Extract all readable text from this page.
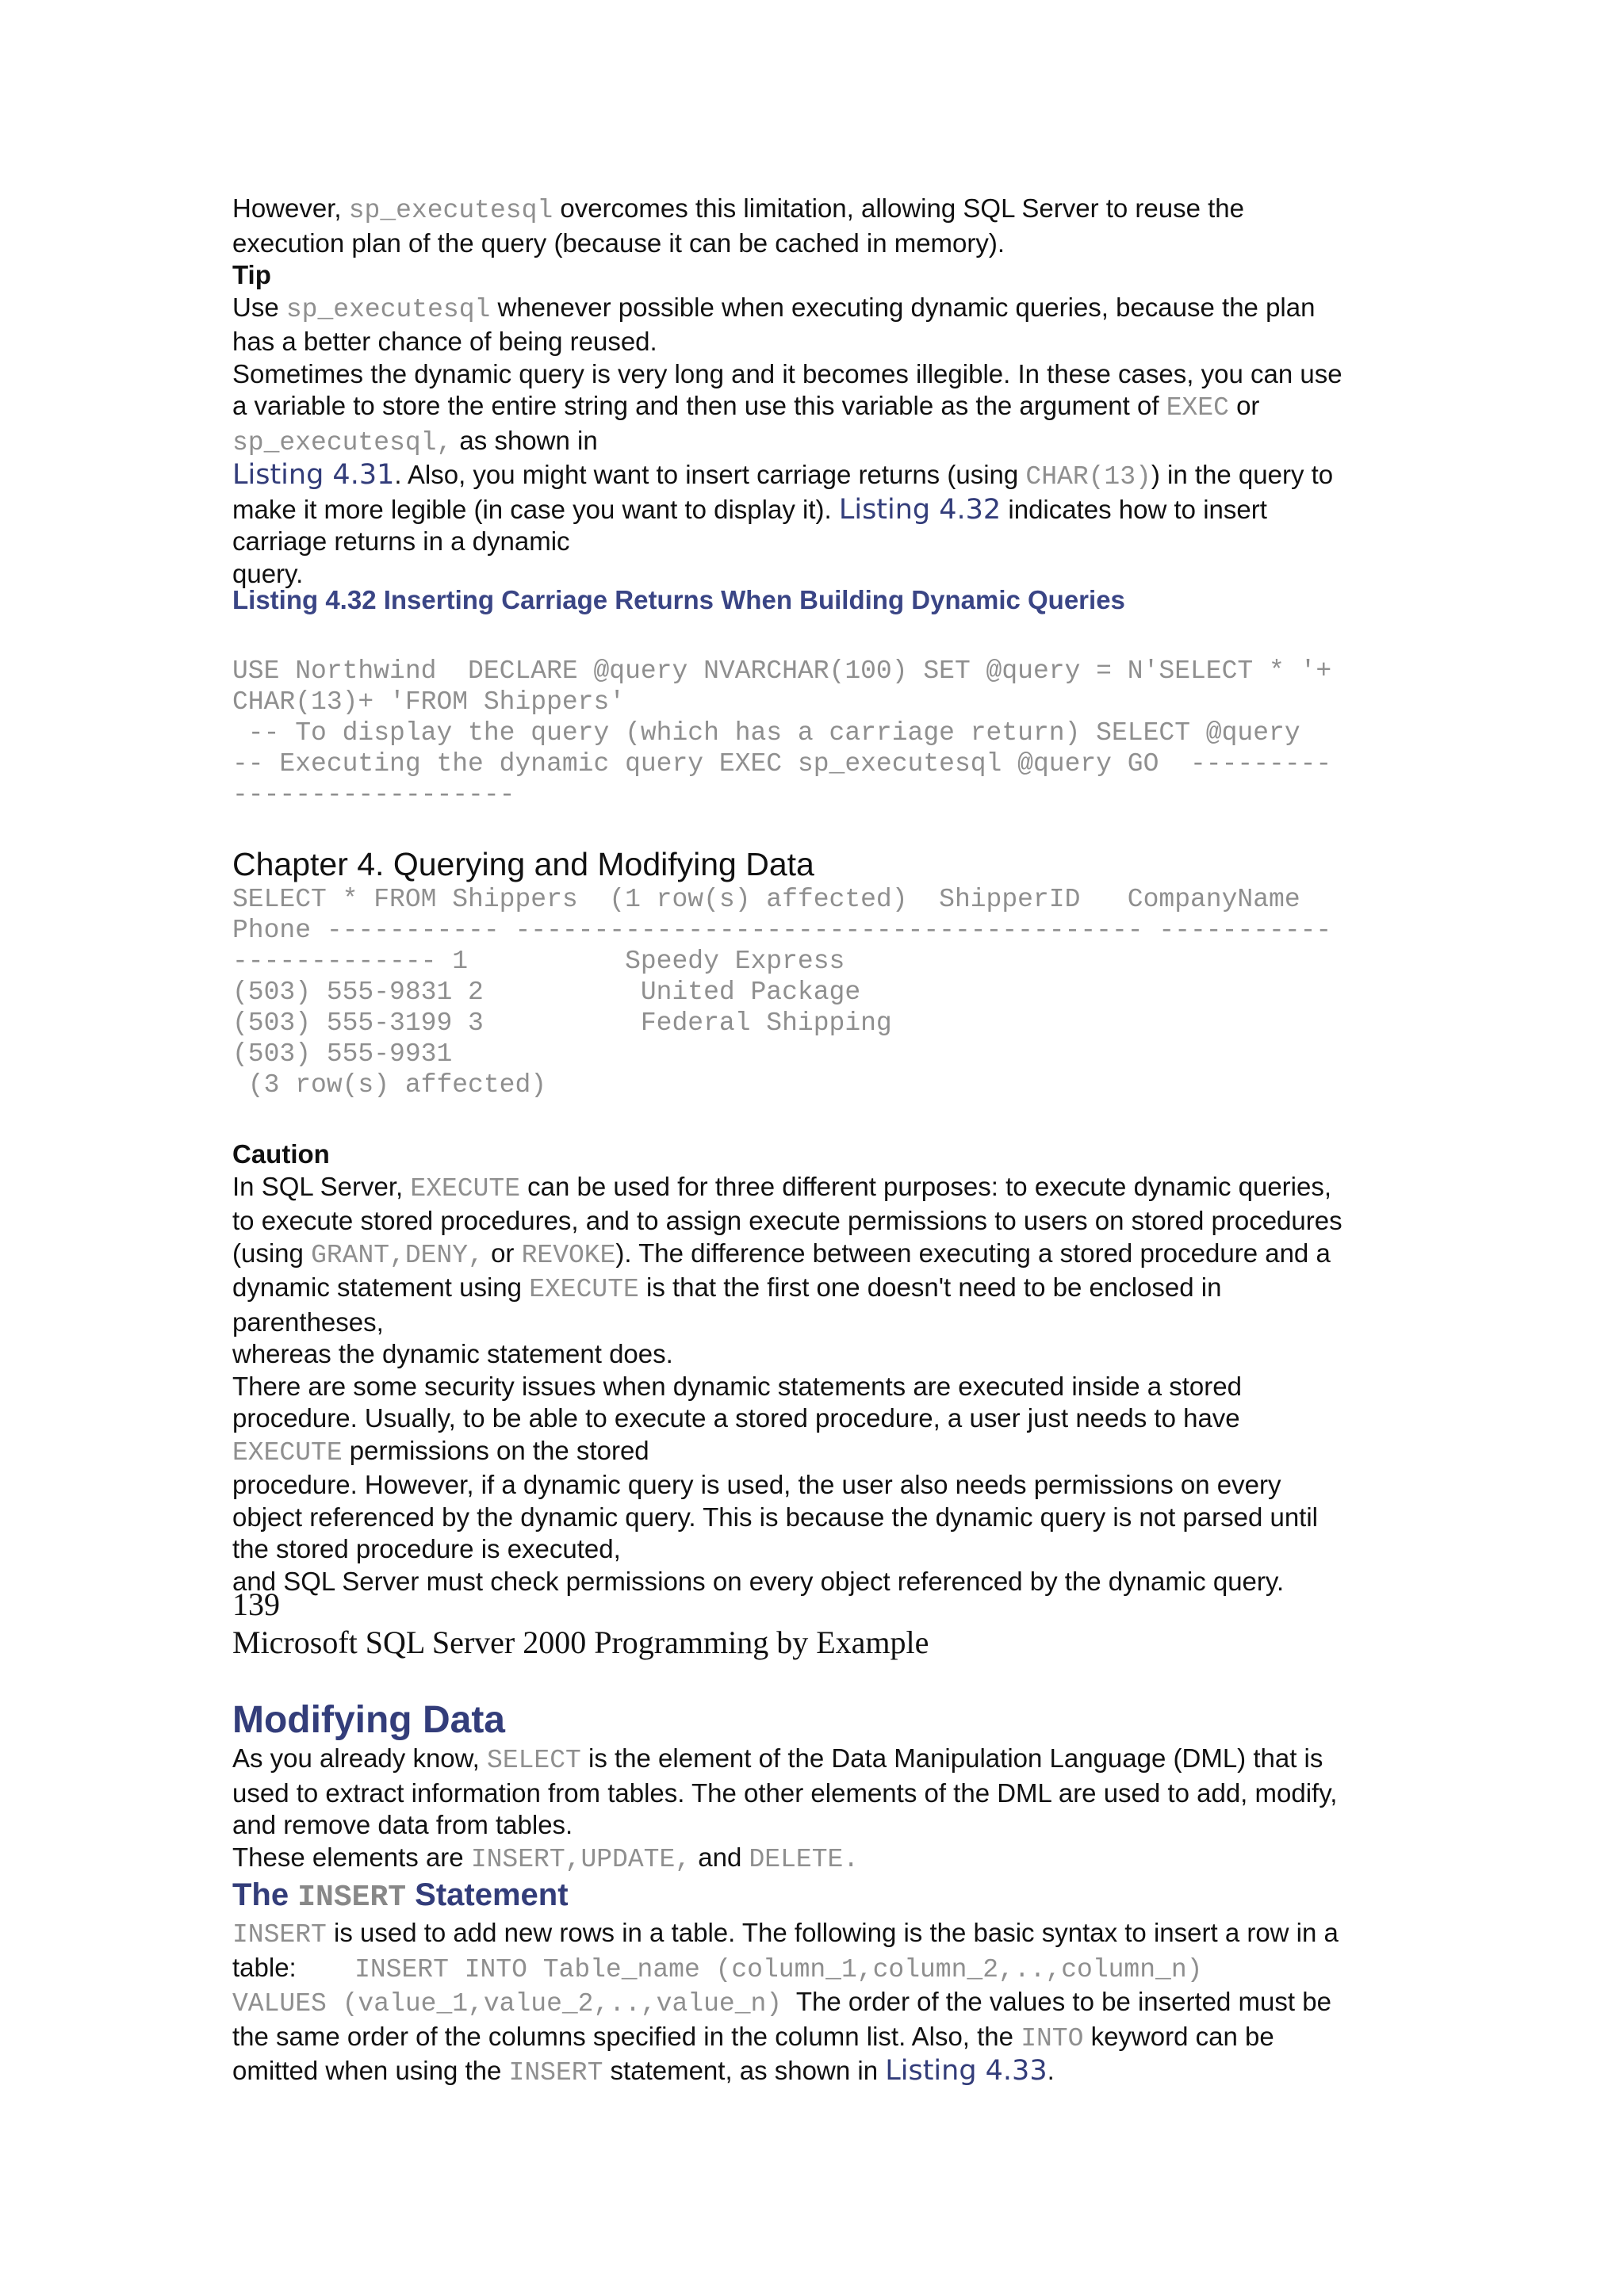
However, sp_executesql overcomes this limitation, allowing SQL Server to reuse the
execution plan of the query (because it can be cached in memory).

Tip

Use sp_executesql whenever possible when executing dynamic queries, because the plan
has a better chance of being reused.

Sometimes the dynamic query is very long and it becomes illegible. In these cases, you can use
a variable to store the entire string and then use this variable as the argument of EXEC or
sp_executesql, as shown in

Listing 4.31. Also, you might want to insert carriage returns (using CHAR(13)) in the query to
make it more legible (in case you want to display it). Listing 4.32 indicates how to insert
carriage returns in a dynamic
query.

Listing 4.32 Inserting Carriage Returns When Building Dynamic Queries

USE Northwind  DECLARE @query NVARCHAR(100) SET @query = N'SELECT * '+
CHAR(13)+ 'FROM Shippers'
-- To display the query (which has a carriage return) SELECT @query
-- Executing the dynamic query EXEC sp_executesql @query GO  ---------
------------------

Chapter 4. Querying and Modifying Data

SELECT * FROM Shippers  (1 row(s) affected)  ShipperID   CompanyName
Phone ----------- ---------------------------------------- -----------
------------- 1          Speedy Express
(503) 555-9831 2          United Package
(503) 555-3199 3          Federal Shipping
(503) 555-9931
(3 row(s) affected)

Caution

In SQL Server, EXECUTE can be used for three different purposes: to execute dynamic queries,
to execute stored procedures, and to assign execute permissions to users on stored procedures
(using GRANT,DENY, or REVOKE). The difference between executing a stored procedure and a
dynamic statement using EXECUTE is that the first one doesn't need to be enclosed in
parentheses,
whereas the dynamic statement does.

There are some security issues when dynamic statements are executed inside a stored
procedure. Usually, to be able to execute a stored procedure, a user just needs to have
EXECUTE permissions on the stored
procedure. However, if a dynamic query is used, the user also needs permissions on every
object referenced by the dynamic query. This is because the dynamic query is not parsed until
the stored procedure is executed,
and SQL Server must check permissions on every object referenced by the dynamic query.

139

Microsoft SQL Server 2000 Programming by Example

Modifying Data

As you already know, SELECT is the element of the Data Manipulation Language (DML) that is
used to extract information from tables. The other elements of the DML are used to add, modify,
and remove data from tables.
These elements are INSERT,UPDATE, and DELETE.

The INSERT Statement

INSERT is used to add new rows in a table. The following is the basic syntax to insert a row in a
table:        INSERT INTO Table_name (column_1,column_2,..,column_n)
VALUES (value_1,value_2,..,value_n)  The order of the values to be inserted must be
the same order of the columns specified in the column list. Also, the INTO keyword can be
omitted when using the INSERT statement, as shown in Listing 4.33.
